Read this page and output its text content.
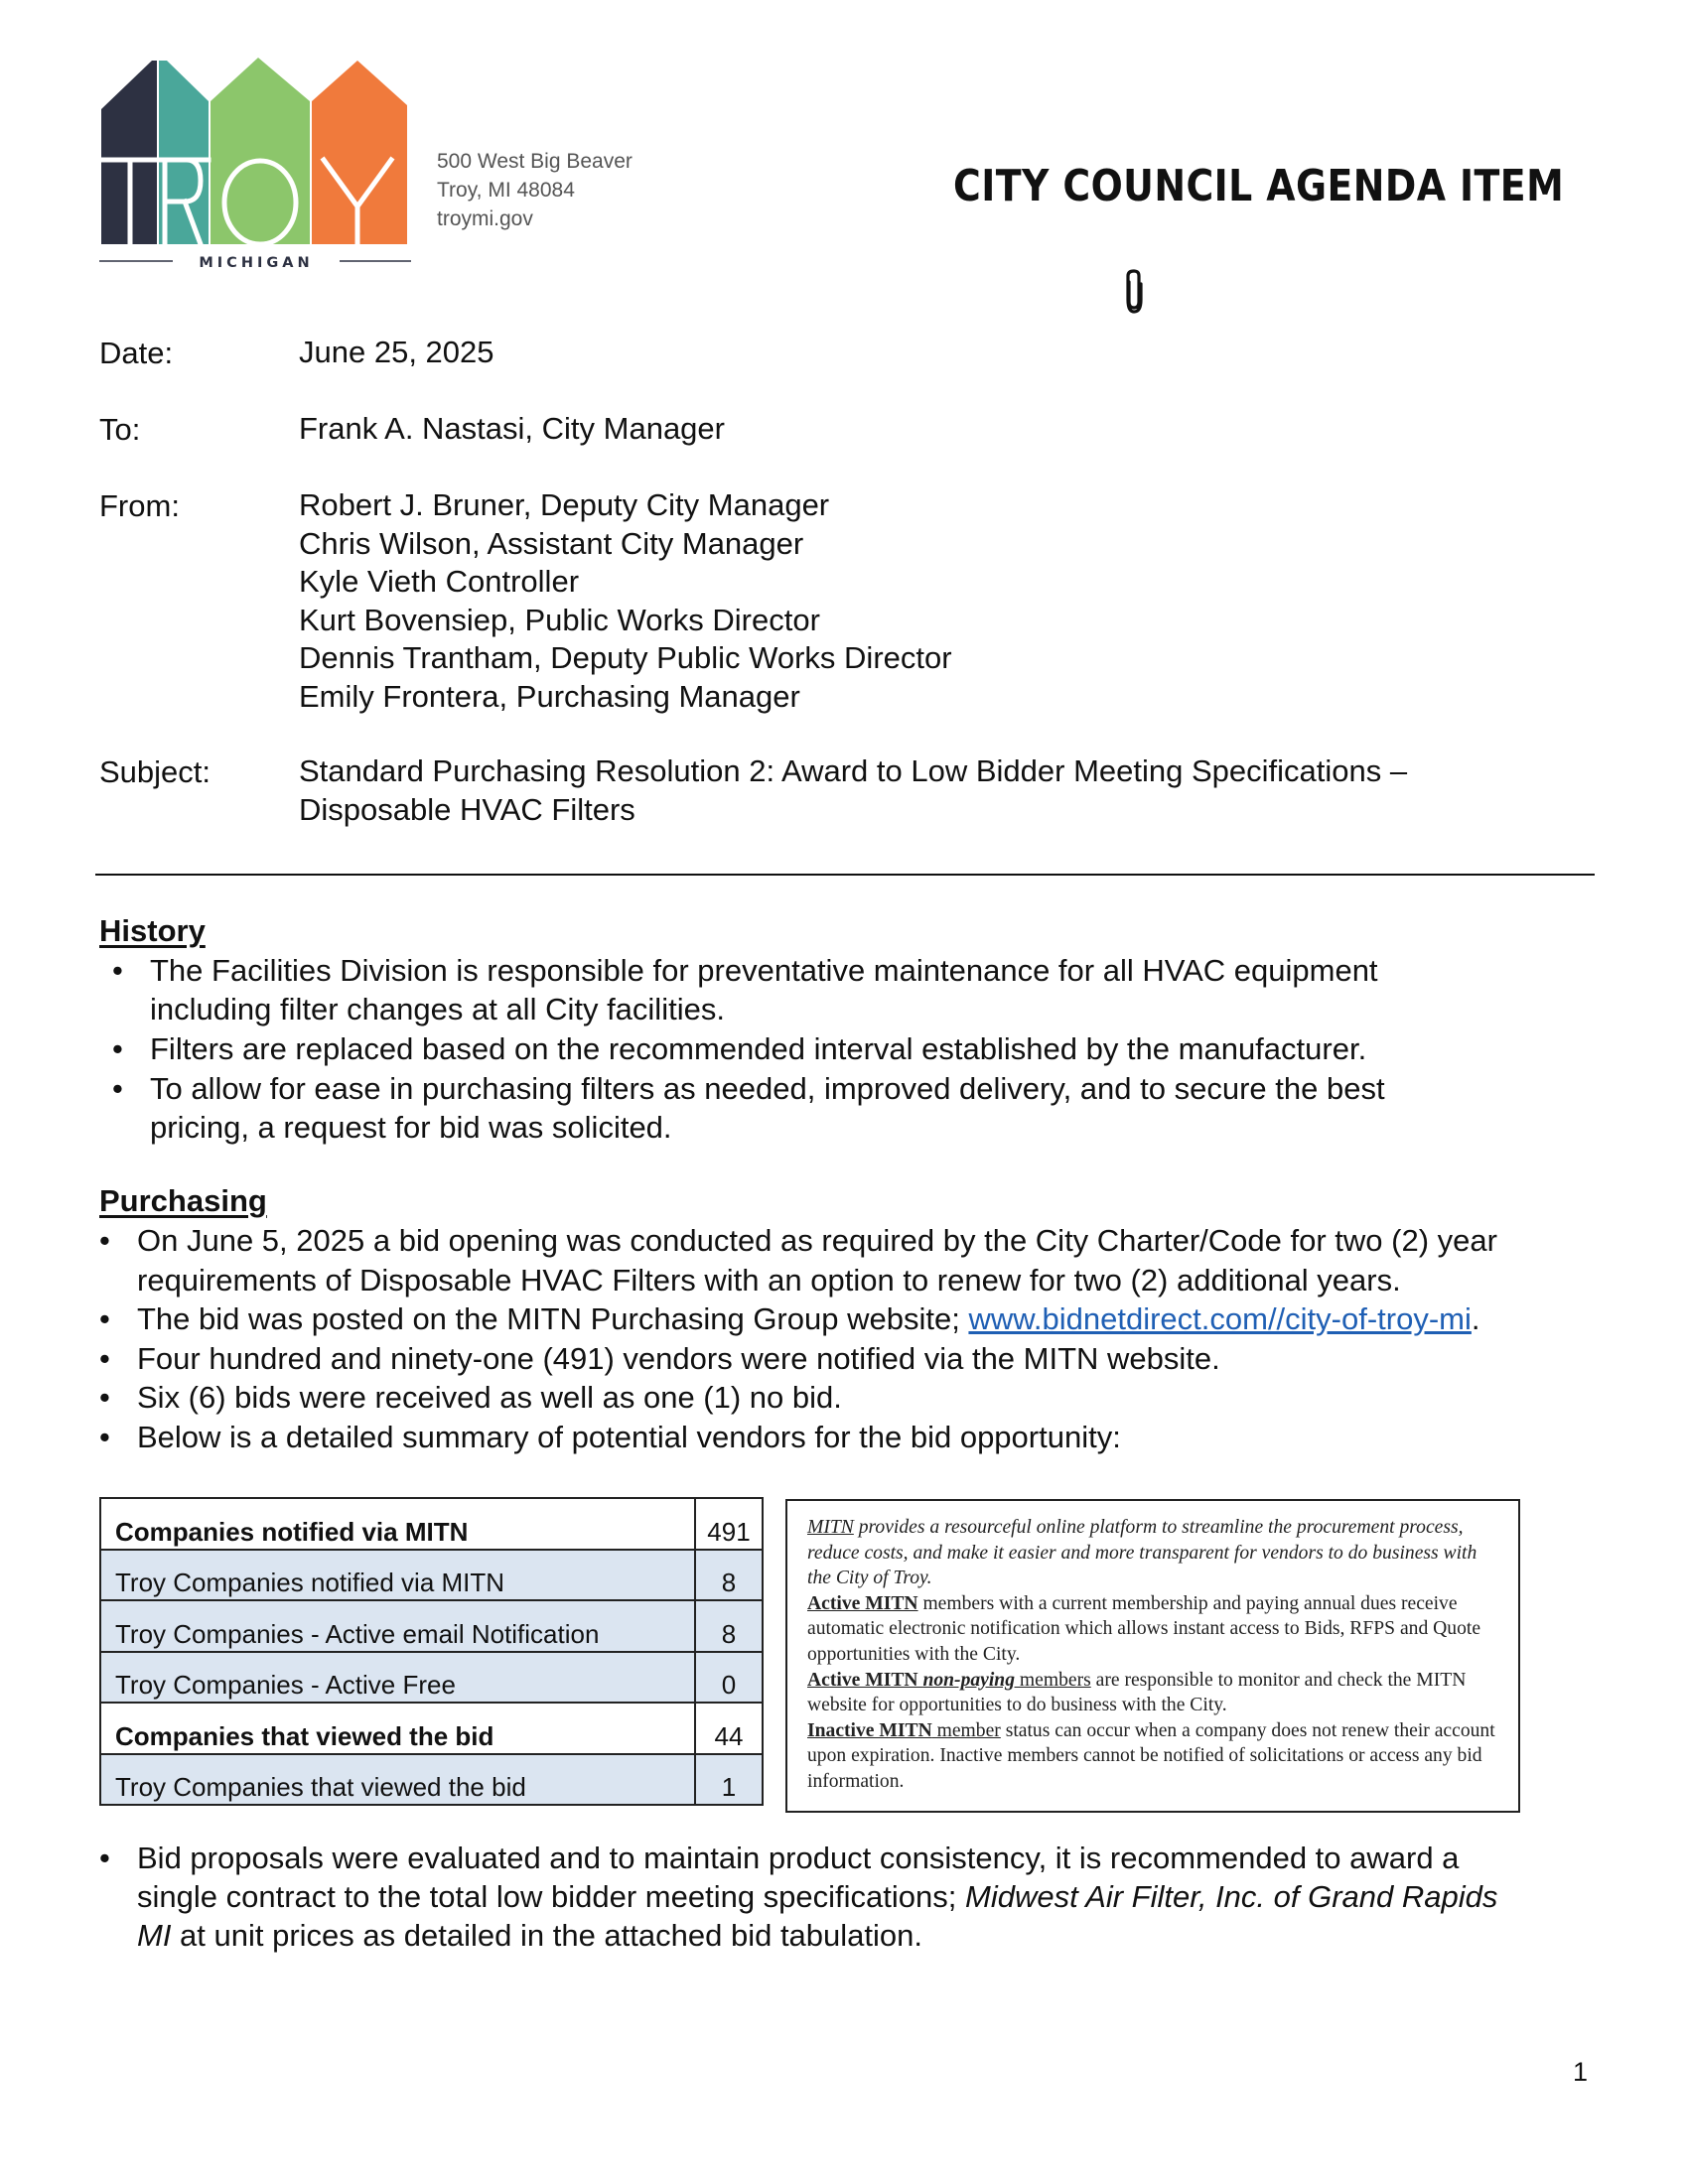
MICHIGAN
500 West Big Beaver
Troy, MI 48084
troymi.gov
CITY COUNCIL AGENDA ITEM
Date:	June 25, 2025
To:	Frank A. Nastasi, City Manager
From:	Robert J. Bruner, Deputy City Manager
Chris Wilson, Assistant City Manager
Kyle Vieth Controller
Kurt Bovensiep, Public Works Director
Dennis Trantham, Deputy Public Works Director
Emily Frontera, Purchasing Manager
Subject:	Standard Purchasing Resolution 2: Award to Low Bidder Meeting Specifications –
Disposable HVAC Filters
History
• The Facilities Division is responsible for preventative maintenance for all HVAC equipment
including filter changes at all City facilities.
• Filters are replaced based on the recommended interval established by the manufacturer.
• To allow for ease in purchasing filters as needed, improved delivery, and to secure the best
pricing, a request for bid was solicited.
Purchasing
• On June 5, 2025 a bid opening was conducted as required by the City Charter/Code for two (2) year
requirements of Disposable HVAC Filters with an option to renew for two (2) additional years.
• The bid was posted on the MITN Purchasing Group website; www.bidnetdirect.com//city-of-troy-mi.
• Four hundred and ninety-one (491) vendors were notified via the MITN website.
• Six (6) bids were received as well as one (1) no bid.
• Below is a detailed summary of potential vendors for the bid opportunity:
Companies notified via MITN	491
Troy Companies notified via MITN	8
Troy Companies - Active email Notification	8
Troy Companies - Active Free	0
Companies that viewed the bid	44
Troy Companies that viewed the bid	1

MITN provides a resourceful online platform to streamline the procurement process, reduce costs, and make it easier and more transparent for vendors to do business with the City of Troy.

Active MITN members with a current membership and paying annual dues receive automatic electronic notification which allows instant access to Bids, RFPS and Quote opportunities with the City.

Active MITN non-paying members are responsible to monitor and check the MITN website for opportunities to do business with the City.

Inactive MITN member status can occur when a company does not renew their account upon expiration. Inactive members cannot be notified of solicitations or access any bid information.

• Bid proposals were evaluated and to maintain product consistency, it is recommended to award a
single contract to the total low bidder meeting specifications; Midwest Air Filter, Inc. of Grand Rapids
MI at unit prices as detailed in the attached bid tabulation.
1
